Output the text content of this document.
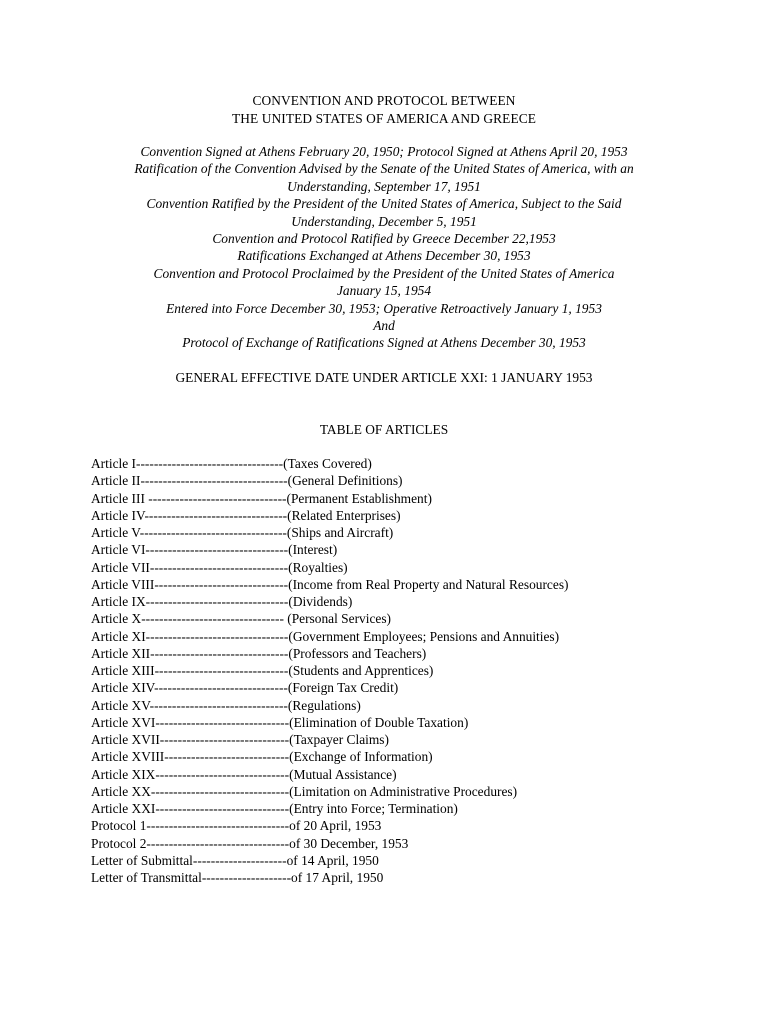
CONVENTION AND PROTOCOL BETWEEN
THE UNITED STATES OF AMERICA AND GREECE
Convention Signed at Athens February 20, 1950; Protocol Signed at Athens April 20, 1953
Ratification of the Convention Advised by the Senate of the United States of America, with an
Understanding, September 17, 1951
Convention Ratified by the President of the United States of America, Subject to the Said
Understanding, December 5, 1951
Convention and Protocol Ratified by Greece December 22,1953
Ratifications Exchanged at Athens December 30, 1953
Convention and Protocol Proclaimed by the President of the United States of America
January 15, 1954
Entered into Force December 30, 1953; Operative Retroactively January 1, 1953
And
Protocol of Exchange of Ratifications Signed at Athens December 30, 1953
GENERAL EFFECTIVE DATE UNDER ARTICLE XXI: 1 JANUARY 1953
TABLE OF ARTICLES
Article I---------------------------------(Taxes Covered)
Article II---------------------------------(General Definitions)
Article III -------------------------------(Permanent Establishment)
Article IV--------------------------------(Related Enterprises)
Article V---------------------------------(Ships and Aircraft)
Article VI--------------------------------(Interest)
Article VII-------------------------------(Royalties)
Article VIII------------------------------(Income from Real Property and Natural Resources)
Article IX--------------------------------(Dividends)
Article X-------------------------------- (Personal Services)
Article XI--------------------------------(Government Employees; Pensions and Annuities)
Article XII-------------------------------(Professors and Teachers)
Article XIII------------------------------(Students and Apprentices)
Article XIV------------------------------(Foreign Tax Credit)
Article XV-------------------------------(Regulations)
Article XVI------------------------------(Elimination of Double Taxation)
Article XVII-----------------------------(Taxpayer Claims)
Article XVIII----------------------------(Exchange of Information)
Article XIX------------------------------(Mutual Assistance)
Article XX-------------------------------(Limitation on Administrative Procedures)
Article XXI------------------------------(Entry into Force; Termination)
Protocol 1--------------------------------of 20 April, 1953
Protocol 2--------------------------------of 30 December, 1953
Letter of Submittal---------------------of 14 April, 1950
Letter of Transmittal--------------------of 17 April, 1950
